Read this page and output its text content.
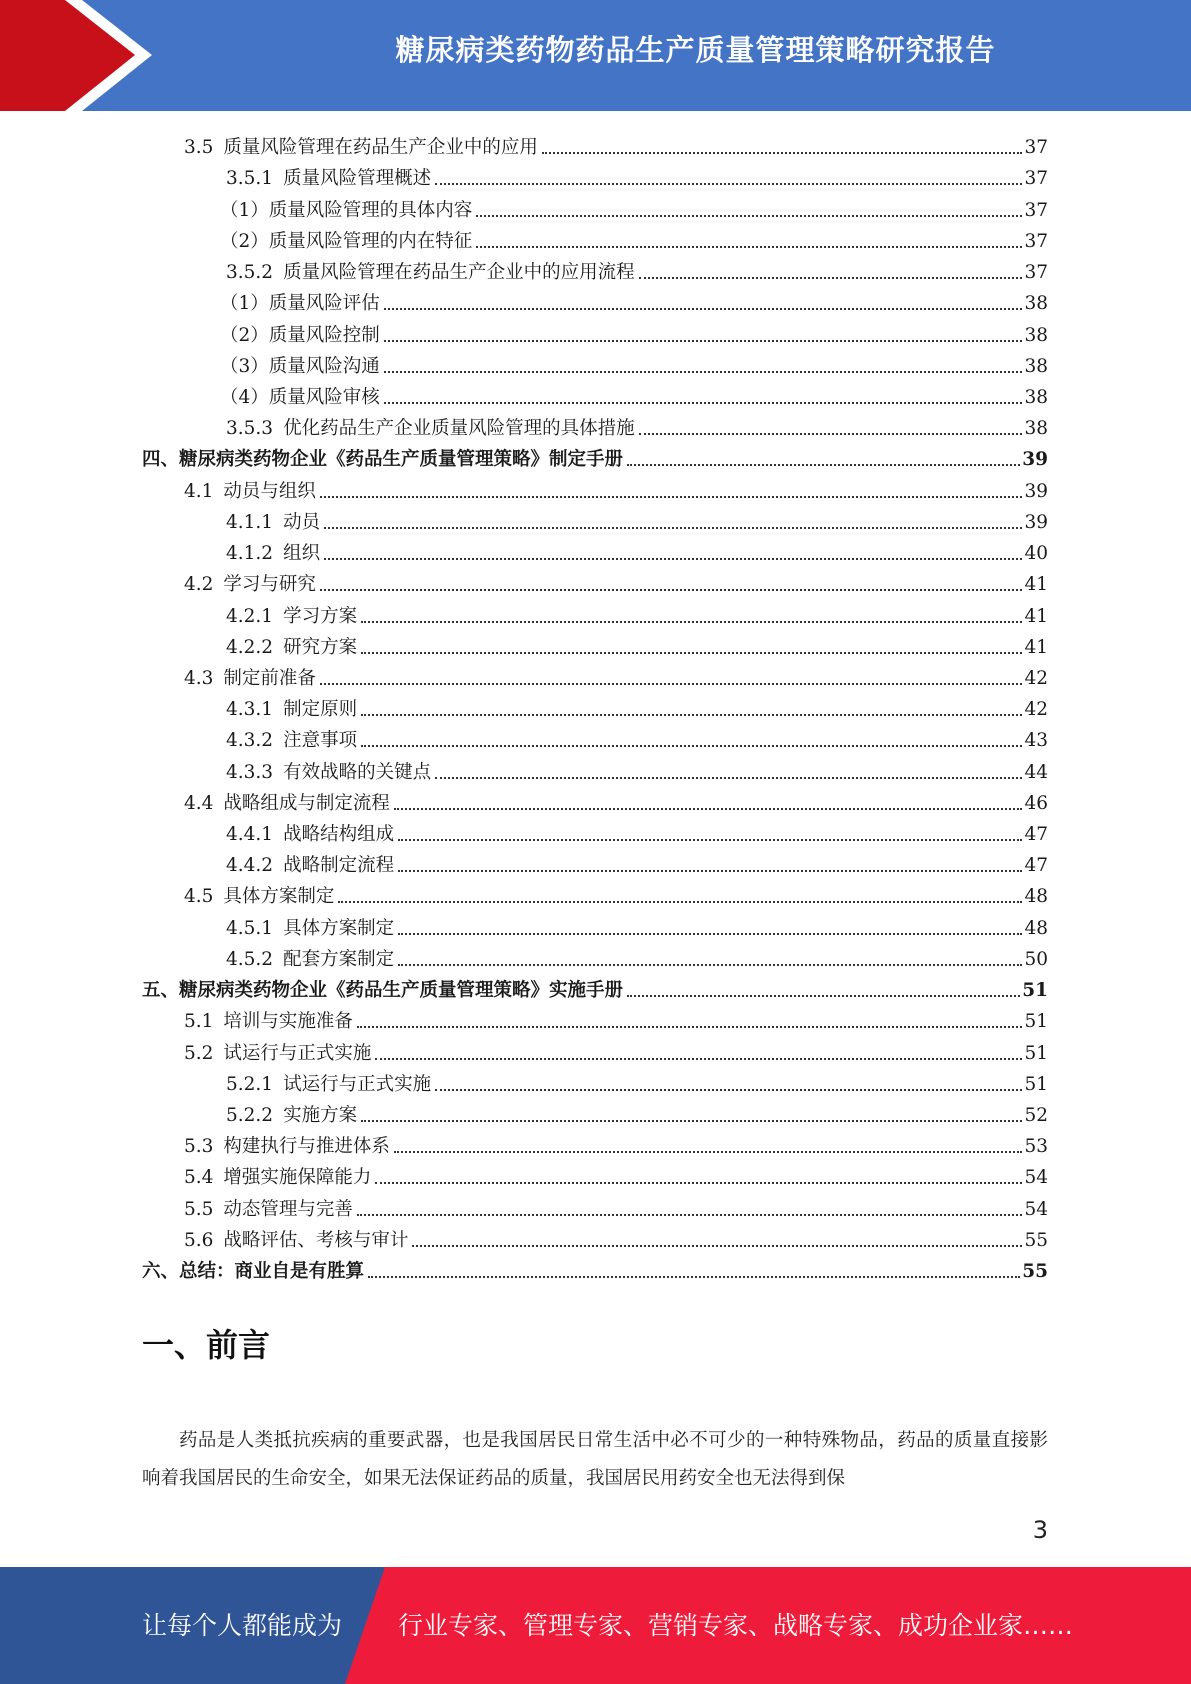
糖尿病类药物药品生产质量管理策略研究报告
3.5 质量风险管理在药品生产企业中的应用	37
3.5.1 质量风险管理概述	37
（1）质量风险管理的具体内容	37
（2）质量风险管理的内在特征	37
3.5.2 质量风险管理在药品生产企业中的应用流程	37
（1）质量风险评估	38
（2）质量风险控制	38
（3）质量风险沟通	38
（4）质量风险审核	38
3.5.3 优化药品生产企业质量风险管理的具体措施	38
四、糖尿病类药物企业《药品生产质量管理策略》制定手册	39
4.1 动员与组织	39
4.1.1 动员	39
4.1.2 组织	40
4.2 学习与研究	41
4.2.1 学习方案	41
4.2.2 研究方案	41
4.3 制定前准备	42
4.3.1 制定原则	42
4.3.2 注意事项	43
4.3.3 有效战略的关键点	44
4.4 战略组成与制定流程	46
4.4.1 战略结构组成	47
4.4.2 战略制定流程	47
4.5 具体方案制定	48
4.5.1 具体方案制定	48
4.5.2 配套方案制定	50
五、糖尿病类药物企业《药品生产质量管理策略》实施手册	51
5.1 培训与实施准备	51
5.2 试运行与正式实施	51
5.2.1 试运行与正式实施	51
5.2.2 实施方案	52
5.3 构建执行与推进体系	53
5.4 增强实施保障能力	54
5.5 动态管理与完善	54
5.6 战略评估、考核与审计	55
六、总结：商业自是有胜算	55
一、前言

药品是人类抵抗疾病的重要武器，也是我国居民日常生活中必不可少的一种特殊物品，药品的质量直接影响着我国居民的生命安全，如果无法保证药品的质量，我国居民用药安全也无法得到保

3
让每个人都能成为 行业专家、管理专家、营销专家、战略专家、成功企业家……
